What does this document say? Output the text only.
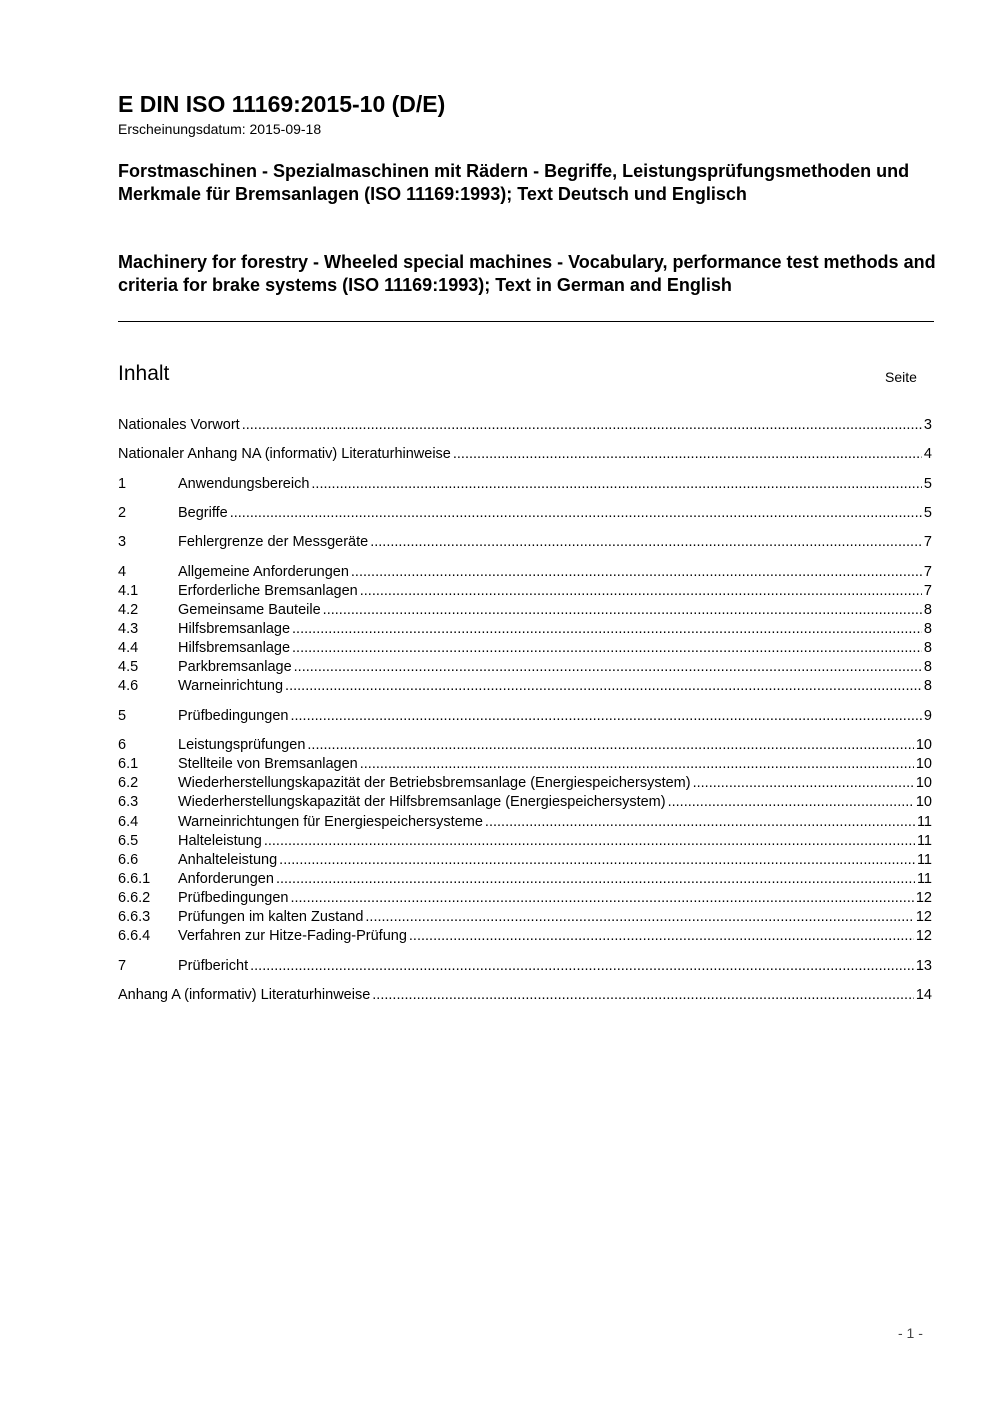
E DIN ISO 11169:2015-10 (D/E)
Erscheinungsdatum: 2015-09-18
Forstmaschinen - Spezialmaschinen mit Rädern - Begriffe, Leistungsprüfungsmethoden und Merkmale für Bremsanlagen (ISO 11169:1993); Text Deutsch und Englisch
Machinery for forestry - Wheeled special machines - Vocabulary, performance test methods and criteria for brake systems (ISO 11169:1993); Text in German and English
Inhalt	Seite
Nationales Vorwort .....	3
Nationaler Anhang NA (informativ) Literaturhinweise .....	4
1	Anwendungsbereich .....	5
2	Begriffe .....	5
3	Fehlergrenze der Messgeräte .....	7
4	Allgemeine Anforderungen .....	7
4.1	Erforderliche Bremsanlagen .....	7
4.2	Gemeinsame Bauteile .....	8
4.3	Hilfsbremsanlage .....	8
4.4	Hilfsbremsanlage .....	8
4.5	Parkbremsanlage .....	8
4.6	Warneinrichtung .....	8
5	Prüfbedingungen .....	9
6	Leistungsprüfungen .....	10
6.1	Stellteile von Bremsanlagen .....	10
6.2	Wiederherstellungskapazität der Betriebsbremsanlage (Energiespeichersystem) .....	10
6.3	Wiederherstellungskapazität der Hilfsbremsanlage (Energiespeichersystem) .....	10
6.4	Warneinrichtungen für Energiespeichersysteme .....	11
6.5	Halteleistung .....	11
6.6	Anhalteleistung .....	11
6.6.1	Anforderungen .....	11
6.6.2	Prüfbedingungen .....	12
6.6.3	Prüfungen im kalten Zustand .....	12
6.6.4	Verfahren zur Hitze-Fading-Prüfung .....	12
7	Prüfbericht .....	13
Anhang A (informativ) Literaturhinweise .....	14
- 1 -
